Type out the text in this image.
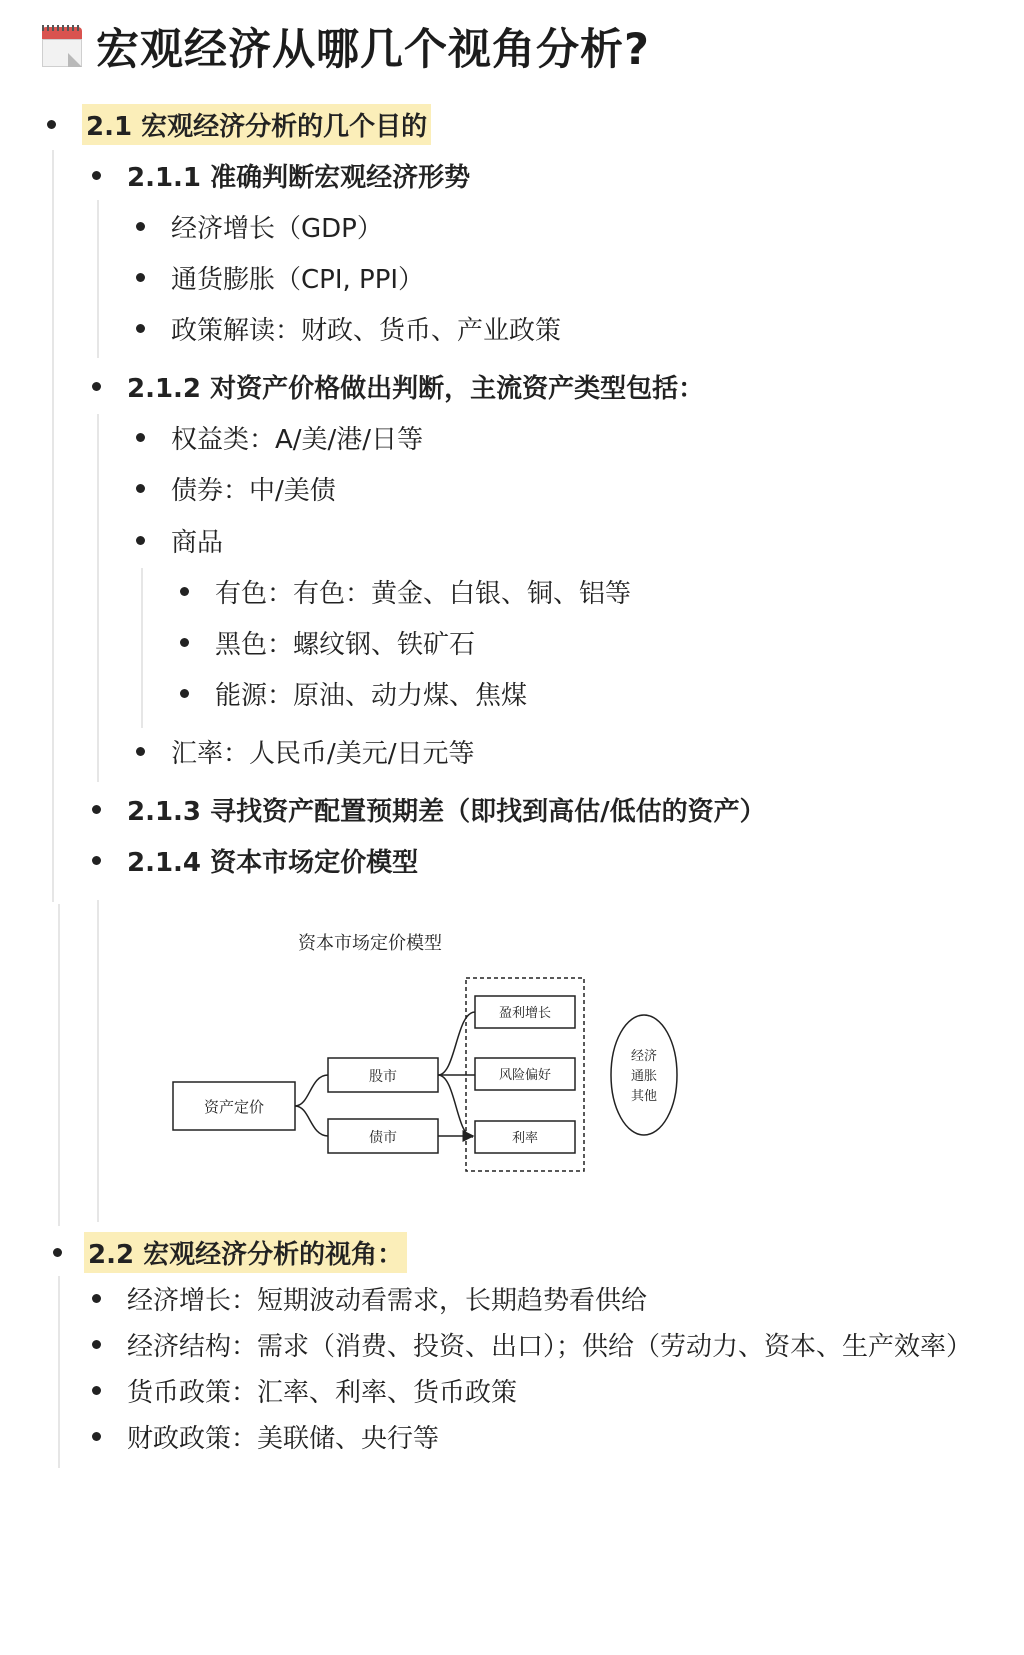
宏观经济从哪几个视角分析?
2.1 宏观经济分析的几个目的
2.1.1 准确判断宏观经济形势
经济增长（GDP）
通货膨胀（CPI, PPI）
政策解读：财政、货币、产业政策
2.1.2 对资产价格做出判断，主流资产类型包括：
权益类：A/美/港/日等
债券：中/美债
商品
有色：有色：黄金、白银、铜、铝等
黑色：螺纹钢、铁矿石
能源：原油、动力煤、焦煤
汇率：人民币/美元/日元等
2.1.3 寻找资产配置预期差（即找到高估/低估的资产）
2.1.4 资本市场定价模型
资本市场定价模型
资产定价
股市
债市
盈利增长
风险偏好
利率
经济
通胀
其他
2.2 宏观经济分析的视角：
经济增长：短期波动看需求，长期趋势看供给
经济结构：需求（消费、投资、出口）；供给（劳动力、资本、生产效率）
货币政策：汇率、利率、货币政策
财政政策：美联储、央行等
